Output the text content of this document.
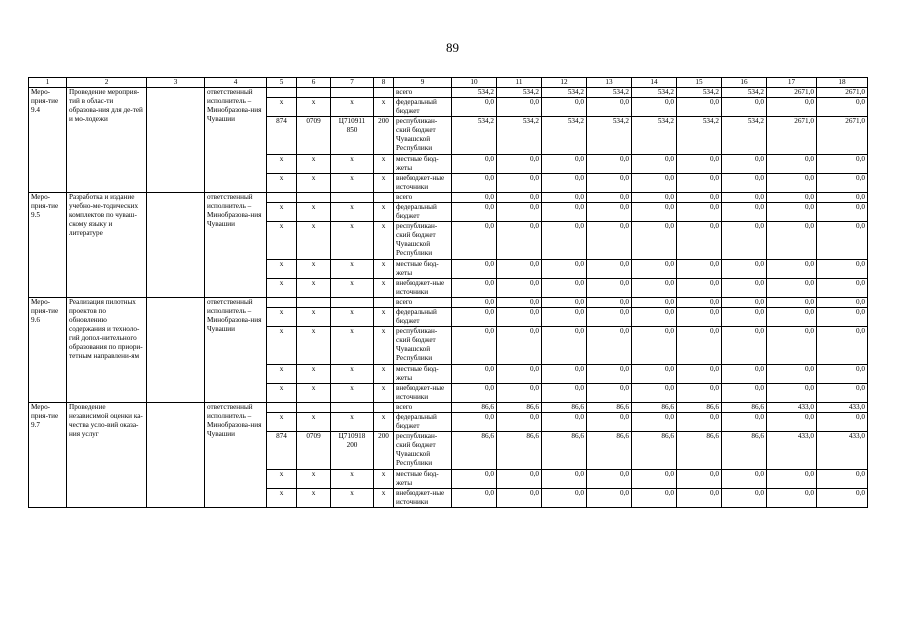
89
1	2	3	4	5	6	7	8	9	10	11	12	13	14	15	16	17	18
Меро-прия-тие 9.4	Проведение мероприя-тий в облас-ти образова-ния для де-тей и мо-лодежи		ответственный исполнитель – Минобразова-ния Чувашии					всего	534,2	534,2	534,2	534,2	534,2	534,2	534,2	2671,0	2671,0
				x	x	x	x	федеральный бюджет	0,0	0,0	0,0	0,0	0,0	0,0	0,0	0,0	0,0
				874	0709	Ц710911 850	200	республикан-ский бюджет Чувашской Республики	534,2	534,2	534,2	534,2	534,2	534,2	534,2	2671,0	2671,0
				x	x	x	x	местные бюд-жеты	0,0	0,0	0,0	0,0	0,0	0,0	0,0	0,0	0,0
				x	x	x	x	внебюджет-ные источники	0,0	0,0	0,0	0,0	0,0	0,0	0,0	0,0	0,0
Меро-прия-тие 9.5	Разработка и издание учебно-ме-тодических комплектов по чуваш-скому языку и литературе		ответственный исполнитель – Минобразова-ния Чувашии					всего	0,0	0,0	0,0	0,0	0,0	0,0	0,0	0,0	0,0
				x	x	x	x	федеральный бюджет	0,0	0,0	0,0	0,0	0,0	0,0	0,0	0,0	0,0
				x	x	x	x	республикан-ский бюджет Чувашской Республики	0,0	0,0	0,0	0,0	0,0	0,0	0,0	0,0	0,0
				x	x	x	x	местные бюд-жеты	0,0	0,0	0,0	0,0	0,0	0,0	0,0	0,0	0,0
				x	x	x	x	внебюджет-ные источники	0,0	0,0	0,0	0,0	0,0	0,0	0,0	0,0	0,0
Меро-прия-тие 9.6	Реализация пилотных проектов по обновлению содержания и техноло-гий допол-нительного образования по приори-тетным направлени-ям		ответственный исполнитель – Минобразова-ния Чувашии					всего	0,0	0,0	0,0	0,0	0,0	0,0	0,0	0,0	0,0
				x	x	x	x	федеральный бюджет	0,0	0,0	0,0	0,0	0,0	0,0	0,0	0,0	0,0
				x	x	x	x	республикан-ский бюджет Чувашской Республики	0,0	0,0	0,0	0,0	0,0	0,0	0,0	0,0	0,0
				x	x	x	x	местные бюд-жеты	0,0	0,0	0,0	0,0	0,0	0,0	0,0	0,0	0,0
				x	x	x	x	внебюджет-ные источники	0,0	0,0	0,0	0,0	0,0	0,0	0,0	0,0	0,0
Меро-прия-тие 9.7	Проведение независимой оценки ка-чества усло-вий оказа-ния услуг		ответственный исполнитель – Минобразова-ния Чувашии					всего	86,6	86,6	86,6	86,6	86,6	86,6	86,6	433,0	433,0
				x	x	x	x	федеральный бюджет	0,0	0,0	0,0	0,0	0,0	0,0	0,0	0,0	0,0
				874	0709	Ц710918 200	200	республикан-ский бюджет Чувашской Республики	86,6	86,6	86,6	86,6	86,6	86,6	86,6	433,0	433,0
				x	x	x	x	местные бюд-жеты	0,0	0,0	0,0	0,0	0,0	0,0	0,0	0,0	0,0
				x	x	x	x	внебюджет-ные источники	0,0	0,0	0,0	0,0	0,0	0,0	0,0	0,0	0,0
